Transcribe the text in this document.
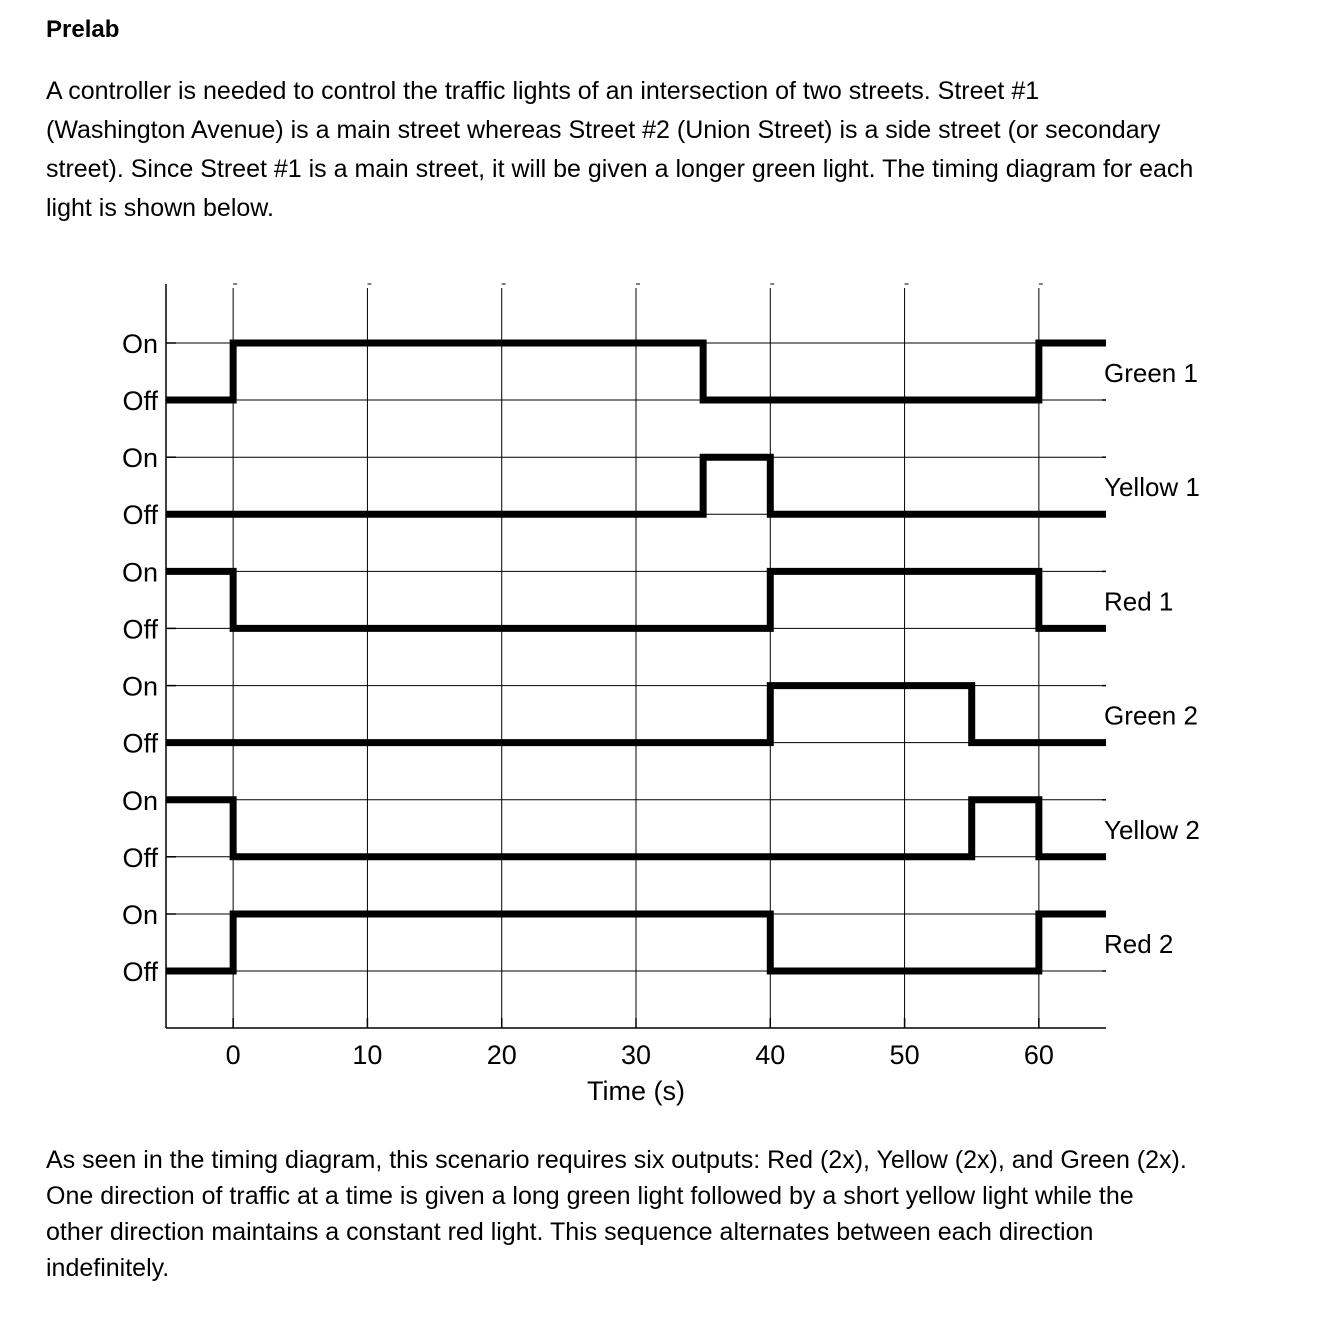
Prelab

A controller is needed to control the traffic lights of an intersection of two streets. Street #1
(Washington Avenue) is a main street whereas Street #2 (Union Street) is a side street (or secondary
street). Since Street #1 is a main street, it will be given a longer green light. The timing diagram for each
light is shown below.

0	10	20	30	40	50	60
On
Off
On
Off
On
Off
On
Off
On
Off
On
Off
Green 1
Yellow 1
Red 1
Green 2
Yellow 2
Red 2
Time (s)

As seen in the timing diagram, this scenario requires six outputs: Red (2x), Yellow (2x), and Green (2x).
One direction of traffic at a time is given a long green light followed by a short yellow light while the
other direction maintains a constant red light. This sequence alternates between each direction
indefinitely.
